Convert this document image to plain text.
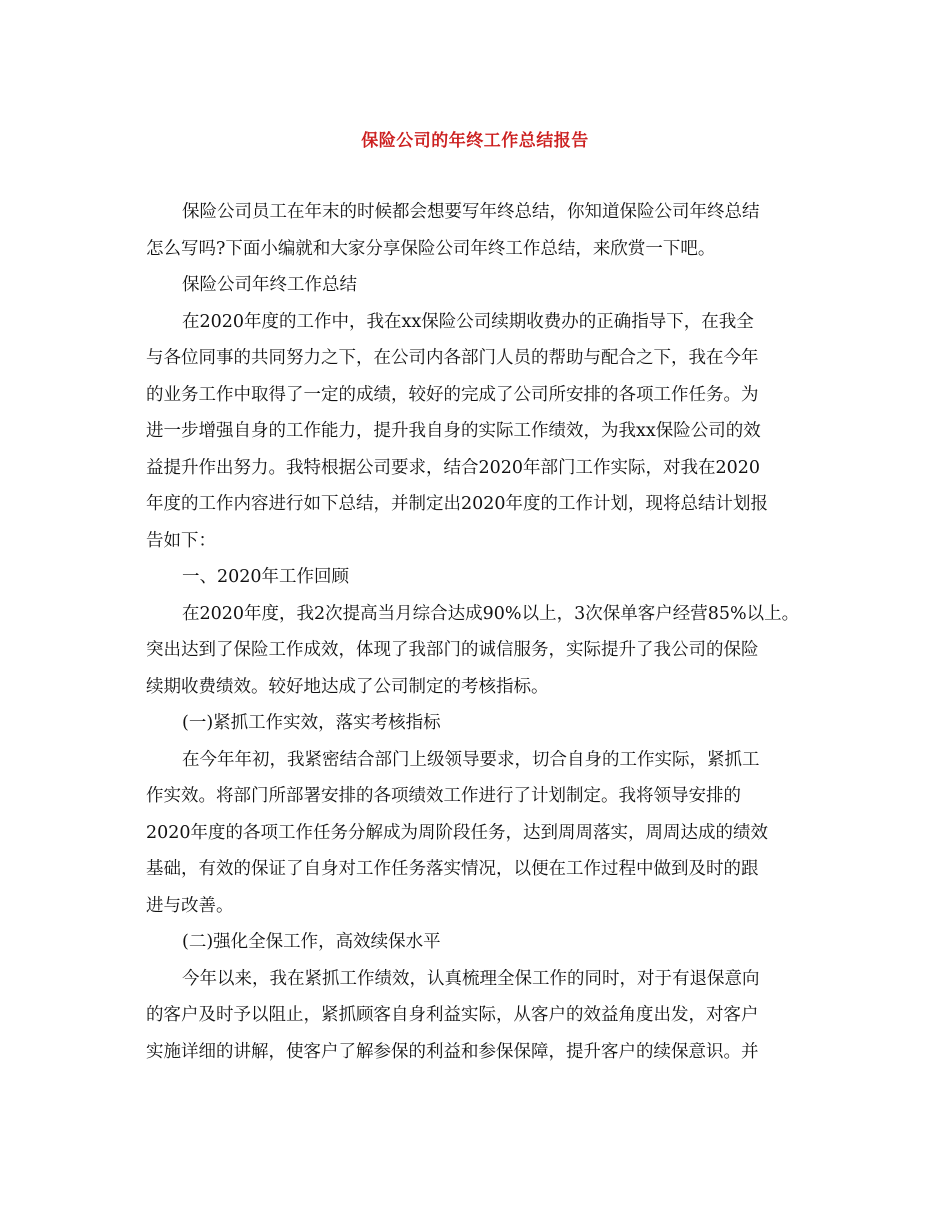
保险公司的年终工作总结报告
保险公司员工在年末的时候都会想要写年终总结，你知道保险公司年终总结
怎么写吗?下面小编就和大家分享保险公司年终工作总结，来欣赏一下吧。
保险公司年终工作总结
在2020年度的工作中，我在xx保险公司续期收费办的正确指导下，在我全
与各位同事的共同努力之下，在公司内各部门人员的帮助与配合之下，我在今年
的业务工作中取得了一定的成绩，较好的完成了公司所安排的各项工作任务。为
进一步增强自身的工作能力，提升我自身的实际工作绩效，为我xx保险公司的效
益提升作出努力。我特根据公司要求，结合2020年部门工作实际，对我在2020
年度的工作内容进行如下总结，并制定出2020年度的工作计划，现将总结计划报
告如下：
一、2020年工作回顾
在2020年度，我2次提高当月综合达成90%以上，3次保单客户经营85%以上。
突出达到了保险工作成效，体现了我部门的诚信服务，实际提升了我公司的保险
续期收费绩效。较好地达成了公司制定的考核指标。
(一)紧抓工作实效，落实考核指标
在今年年初，我紧密结合部门上级领导要求，切合自身的工作实际，紧抓工
作实效。将部门所部署安排的各项绩效工作进行了计划制定。我将领导安排的
2020年度的各项工作任务分解成为周阶段任务，达到周周落实，周周达成的绩效
基础，有效的保证了自身对工作任务落实情况，以便在工作过程中做到及时的跟
进与改善。
(二)强化全保工作，高效续保水平
今年以来，我在紧抓工作绩效，认真梳理全保工作的同时，对于有退保意向
的客户及时予以阻止，紧抓顾客自身利益实际，从客户的效益角度出发，对客户
实施详细的讲解，使客户了解参保的利益和参保保障，提升客户的续保意识。并
